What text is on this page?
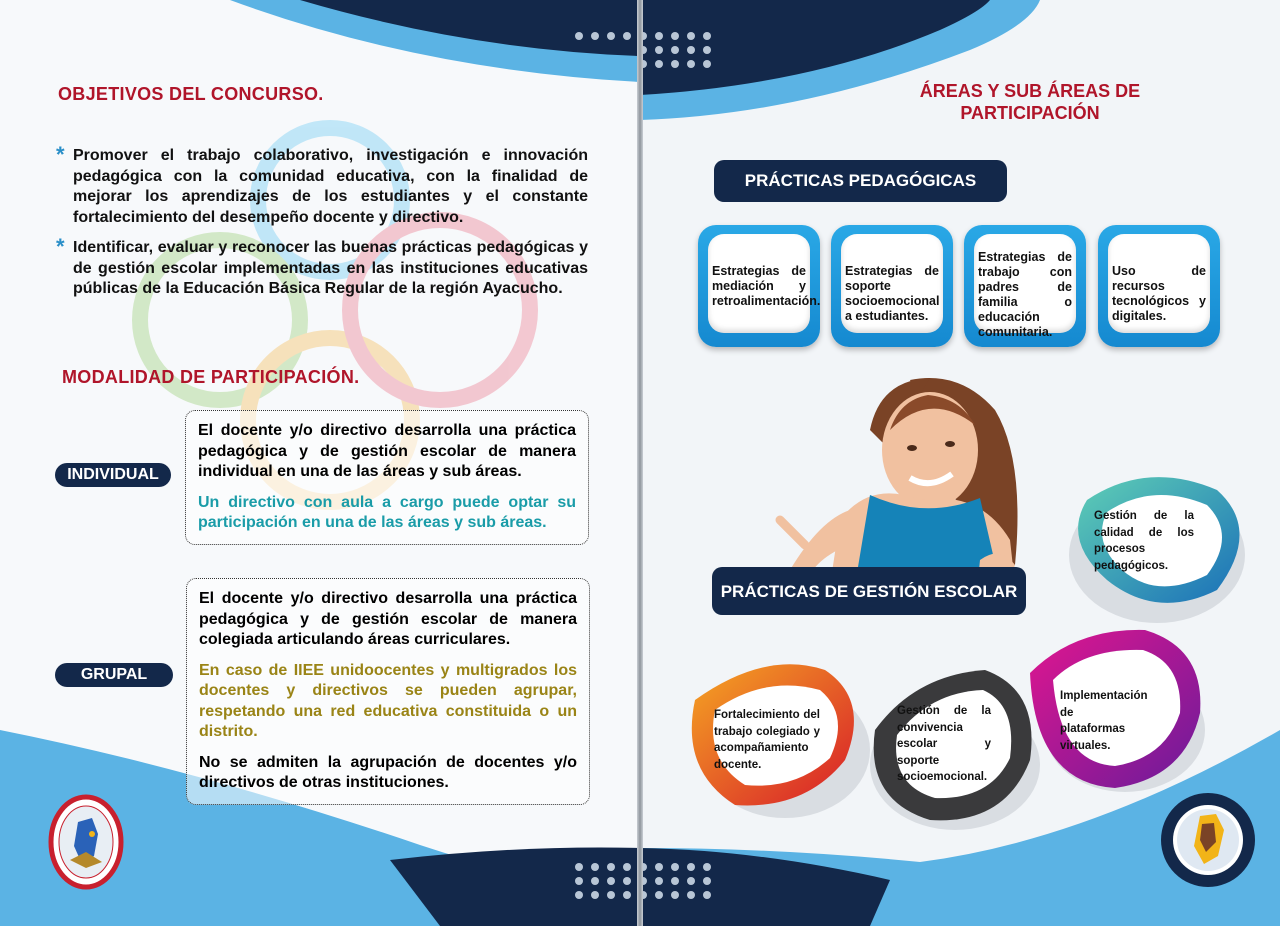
OBJETIVOS DEL CONCURSO.
* Promover el trabajo colaborativo, investigación e innovación pedagógica con la comunidad educativa, con la finalidad de mejorar los aprendizajes de los estudiantes y el constante fortalecimiento del desempeño docente y directivo.
* Identificar, evaluar y reconocer las buenas prácticas pedagógicas y de gestión escolar implementadas en las instituciones educativas públicas de la Educación Básica Regular de la región Ayacucho.
MODALIDAD DE PARTICIPACIÓN.
INDIVIDUAL

El docente y/o directivo desarrolla una práctica pedagógica y de gestión escolar de manera individual en una de las áreas y sub áreas.

Un directivo con aula a cargo puede optar su participación en una de las áreas y sub áreas.

GRUPAL

El docente y/o directivo desarrolla una práctica pedagógica y de gestión escolar de manera colegiada articulando áreas curriculares.

En caso de IIEE unidoocentes y multigrados los docentes y directivos se pueden agrupar, respetando una red educativa constituida o un distrito.

No se admiten la agrupación de docentes y/o directivos de otras instituciones.

ÁREAS Y SUB ÁREAS DE
PARTICIPACIÓN
PRÁCTICAS PEDAGÓGICAS
Estrategias de mediación y retroalimentación.
Estrategias de soporte socioemocional a estudiantes.
Estrategias de trabajo con padres de familia o educación comunitaria.
Uso de recursos tecnológicos y digitales.
PRÁCTICAS DE GESTIÓN ESCOLAR
Gestión de la calidad de los procesos pedagógicos.
Fortalecimiento del trabajo colegiado y acompañamiento docente.
Gestión de la convivencia escolar y soporte socioemocional.
Implementación de plataformas virtuales.
